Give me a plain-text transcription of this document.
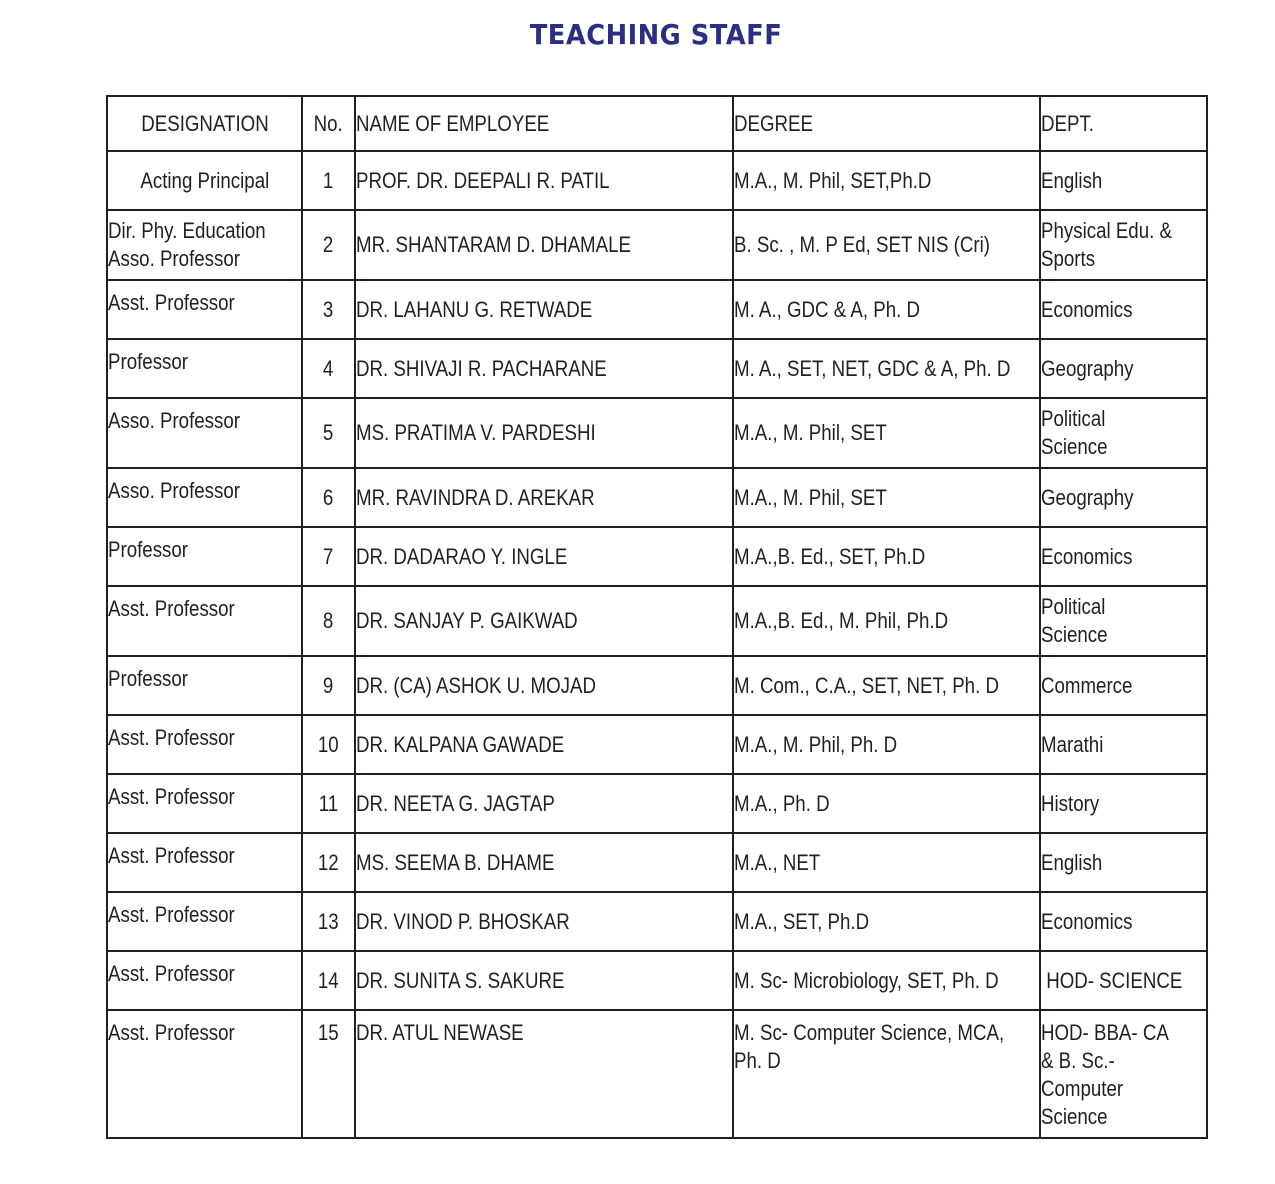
TEACHING STAFF
DESIGNATION	No.	NAME OF EMPLOYEE	DEGREE	DEPT.
Acting Principal	1	PROF. DR. DEEPALI R. PATIL	M.A., M. Phil, SET,Ph.D	English

Dir. Phy. Education
Asso. Professor	2	MR. SHANTARAM D. DHAMALE	B. Sc. , M. P Ed, SET NIS (Cri)	Physical Edu. & Sports

Asst. Professor	3	DR. LAHANU G. RETWADE	M. A., GDC & A, Ph. D	Economics

Professor	4	DR. SHIVAJI R. PACHARANE	M. A., SET, NET, GDC & A, Ph. D	Geography

Asso. Professor	5	MS. PRATIMA V. PARDESHI	M.A., M. Phil, SET	Political Science

Asso. Professor	6	MR. RAVINDRA D. AREKAR	M.A., M. Phil, SET	Geography

Professor	7	DR. DADARAO Y. INGLE	M.A.,B. Ed., SET, Ph.D	Economics

Asst. Professor	8	DR. SANJAY P. GAIKWAD	M.A.,B. Ed., M. Phil, Ph.D	Political Science

Professor	9	DR. (CA) ASHOK U. MOJAD	M. Com., C.A., SET, NET, Ph. D	Commerce

Asst. Professor	10	DR. KALPANA GAWADE	M.A., M. Phil, Ph. D	Marathi

Asst. Professor	11	DR. NEETA G. JAGTAP	M.A., Ph. D	History

Asst. Professor	12	MS. SEEMA B. DHAME	M.A., NET	English

Asst. Professor	13	DR. VINOD P. BHOSKAR	M.A., SET, Ph.D	Economics

Asst. Professor	14	DR. SUNITA S. SAKURE	M. Sc- Microbiology, SET, Ph. D	HOD- SCIENCE

Asst. Professor	15	DR. ATUL NEWASE	M. Sc- Computer Science, MCA, Ph. D	HOD- BBA- CA & B. Sc.- Computer Science
